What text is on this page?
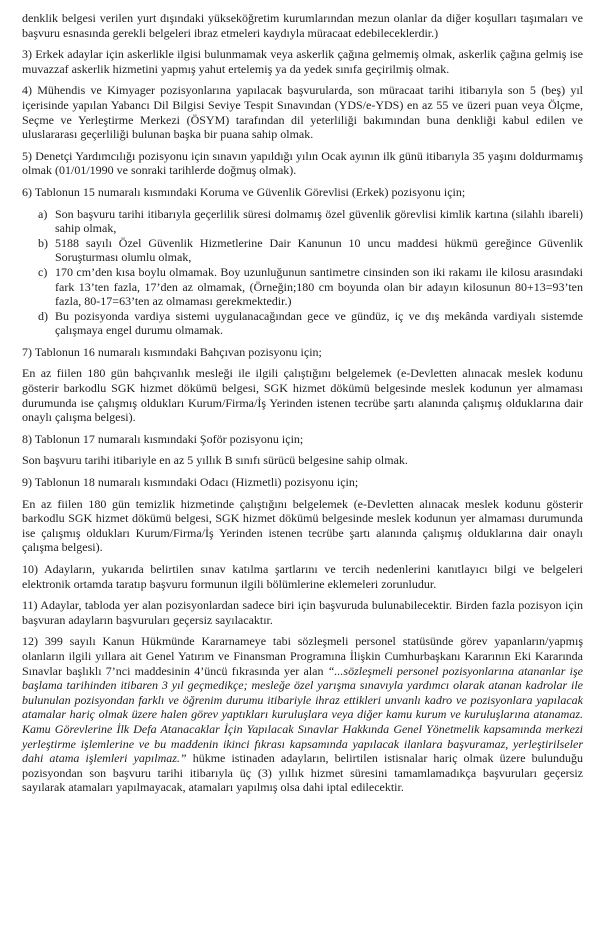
denklik belgesi verilen yurt dışındaki yükseköğretim kurumlarından mezun olanlar da diğer koşulları taşımaları ve başvuru esnasında gerekli belgeleri ibraz etmeleri kaydıyla müracaat edebileceklerdir.)

3) Erkek adaylar için askerlikle ilgisi bulunmamak veya askerlik çağına gelmemiş olmak, askerlik çağına gelmiş ise muvazzaf askerlik hizmetini yapmış yahut ertelemiş ya da yedek sınıfa geçirilmiş olmak.

4) Mühendis ve Kimyager pozisyonlarına yapılacak başvurularda, son müracaat tarihi itibarıyla son 5 (beş) yıl içerisinde yapılan Yabancı Dil Bilgisi Seviye Tespit Sınavından (YDS/e-YDS) en az 55 ve üzeri puan veya Ölçme, Seçme ve Yerleştirme Merkezi (ÖSYM) tarafından dil yeterliliği bakımından buna denkliği kabul edilen ve uluslararası geçerliliği bulunan başka bir puana sahip olmak.

5) Denetçi Yardımcılığı pozisyonu için sınavın yapıldığı yılın Ocak ayının ilk günü itibarıyla 35 yaşını doldurmamış olmak (01/01/1990 ve sonraki tarihlerde doğmuş olmak).

6) Tablonun 15 numaralı kısmındaki Koruma ve Güvenlik Görevlisi (Erkek) pozisyonu için;

a) Son başvuru tarihi itibarıyla geçerlilik süresi dolmamış özel güvenlik görevlisi kimlik kartına (silahlı ibareli) sahip olmak,
b) 5188 sayılı Özel Güvenlik Hizmetlerine Dair Kanunun 10 uncu maddesi hükmü gereğince Güvenlik Soruşturması olumlu olmak,
c) 170 cm’den kısa boylu olmamak. Boy uzunluğunun santimetre cinsinden son iki rakamı ile kilosu arasındaki fark 13’ten fazla, 17’den az olmamak, (Örneğin;180 cm boyunda olan bir adayın kilosunun 80+13=93’ten fazla, 80-17=63’ten az olmaması gerekmektedir.)
d) Bu pozisyonda vardiya sistemi uygulanacağından gece ve gündüz, iç ve dış mekânda vardiyalı sistemde çalışmaya engel durumu olmamak.

7) Tablonun 16 numaralı kısmındaki Bahçıvan pozisyonu için;

En az fiilen 180 gün bahçıvanlık mesleği ile ilgili çalıştığını belgelemek (e-Devletten alınacak meslek kodunu gösterir barkodlu SGK hizmet dökümü belgesi, SGK hizmet dökümü belgesinde meslek kodunun yer almaması durumunda ise çalışmış oldukları Kurum/Firma/İş Yerinden istenen tecrübe şartı alanında çalışmış olduklarına dair onaylı çalışma belgesi).

8) Tablonun 17 numaralı kısmındaki Şoför pozisyonu için;

Son başvuru tarihi itibariyle en az 5 yıllık B sınıfı sürücü belgesine sahip olmak.

9) Tablonun 18 numaralı kısmındaki Odacı (Hizmetli) pozisyonu için;

En az fiilen 180 gün temizlik hizmetinde çalıştığını belgelemek (e-Devletten alınacak meslek kodunu gösterir barkodlu SGK hizmet dökümü belgesi, SGK hizmet dökümü belgesinde meslek kodunun yer almaması durumunda ise çalışmış oldukları Kurum/Firma/İş Yerinden istenen tecrübe şartı alanında çalışmış olduklarına dair onaylı çalışma belgesi).

10) Adayların, yukarıda belirtilen sınav katılma şartlarını ve tercih nedenlerini kanıtlayıcı bilgi ve belgeleri elektronik ortamda taratıp başvuru formunun ilgili bölümlerine eklemeleri zorunludur.

11) Adaylar, tabloda yer alan pozisyonlardan sadece biri için başvuruda bulunabilecektir. Birden fazla pozisyon için başvuran adayların başvuruları geçersiz sayılacaktır.

12) 399 sayılı Kanun Hükmünde Kararnameye tabi sözleşmeli personel statüsünde görev yapanların/yapmış olanların ilgili yıllara ait Genel Yatırım ve Finansman Programına İlişkin Cumhurbaşkanı Kararının Eki Kararında Sınavlar başlıklı 7’nci maddesinin 4’üncü fıkrasında yer alan “...sözleşmeli personel pozisyonlarına atananlar işe başlama tarihinden itibaren 3 yıl geçmedikçe; mesleğe özel yarışma sınavıyla yardımcı olarak atanan kadrolar ile bulunulan pozisyondan farklı ve öğrenim durumu itibariyle ihraz ettikleri unvanlı kadro ve pozisyonlara yapılacak atamalar hariç olmak üzere halen görev yaptıkları kuruluşlara veya diğer kamu kurum ve kuruluşlarına atanamaz. Kamu Görevlerine İlk Defa Atanacaklar İçin Yapılacak Sınavlar Hakkında Genel Yönetmelik kapsamında merkezi yerleştirme işlemlerine ve bu maddenin ikinci fıkrası kapsamında yapılacak ilanlara başvuramaz, yerleştirilseler dahi atama işlemleri yapılmaz.” hükme istinaden adayların, belirtilen istisnalar hariç olmak üzere bulunduğu pozisyondan son başvuru tarihi itibarıyla üç (3) yıllık hizmet süresini tamamlamadıkça başvuruları geçersiz sayılarak atamaları yapılmayacak, atamaları yapılmış olsa dahi iptal edilecektir.
